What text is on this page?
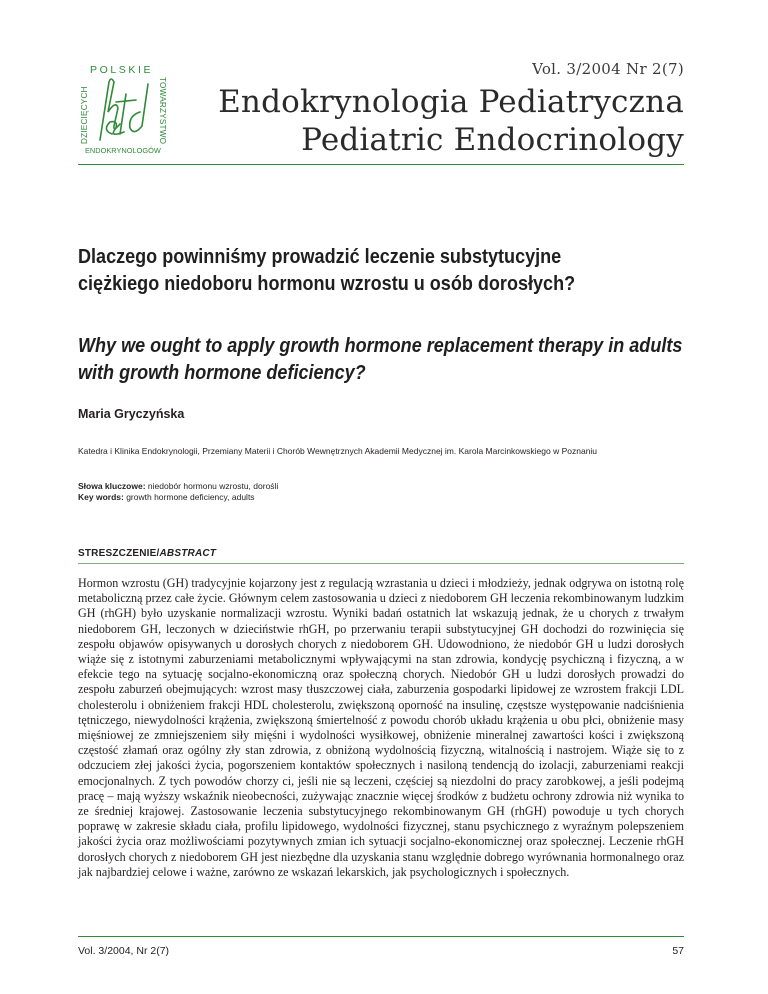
POLSKIE
DZIECIĘCYCH	TOWARZYSTWO
ENDOKRYNOLOGÓW
Vol. 3/2004 Nr 2(7)
Endokrynologia Pediatryczna
Pediatric Endocrinology
Dlaczego powinniśmy prowadzić leczenie substytucyjne ciężkiego niedoboru hormonu wzrostu u osób dorosłych?
Why we ought to apply growth hormone replacement therapy in adults with growth hormone deficiency?
Maria Gryczyńska
Katedra i Klinika Endokrynologii, Przemiany Materii i Chorób Wewnętrznych Akademii Medycznej im. Karola Marcinkowskiego w Poznaniu
Słowa kluczowe: niedobór hormonu wzrostu, dorośli
Key words: growth hormone deficiency, adults
STRESZCZENIE/ABSTRACT
Hormon wzrostu (GH) tradycyjnie kojarzony jest z regulacją wzrastania u dzieci i młodzieży, jednak odgrywa on istotną rolę metaboliczną przez całe życie. Głównym celem zastosowania u dzieci z niedoborem GH leczenia rekombinowanym ludzkim GH (rhGH) było uzyskanie normalizacji wzrostu. Wyniki badań ostatnich lat wskazują jednak, że u chorych z trwałym niedoborem GH, leczonych w dzieciństwie rhGH, po przerwaniu terapii substytucyjnej GH dochodzi do rozwinięcia się zespołu objawów opisywanych u dorosłych chorych z niedoborem GH. Udowodniono, że niedobór GH u ludzi dorosłych wiąże się z istotnymi zaburzeniami metabolicznymi wpływającymi na stan zdrowia, kondycję psychiczną i fizyczną, a w efekcie tego na sytuację socjalno-ekonomiczną oraz społeczną chorych. Niedobór GH u ludzi dorosłych prowadzi do zespołu zaburzeń obejmujących: wzrost masy tłuszczowej ciała, zaburzenia gospodarki lipidowej ze wzrostem frakcji LDL cholesterolu i obniżeniem frakcji HDL cholesterolu, zwiększoną oporność na insulinę, częstsze występowanie nadciśnienia tętniczego, niewydolności krążenia, zwiększoną śmiertelność z powodu chorób układu krążenia u obu płci, obniżenie masy mięśniowej ze zmniejszeniem siły mięśni i wydolności wysiłkowej, obniżenie mineralnej zawartości kości i zwiększoną częstość złamań oraz ogólny zły stan zdrowia, z obniżoną wydolnością fizyczną, witalnością i nastrojem. Wiąże się to z odczuciem złej jakości życia, pogorszeniem kontaktów społecznych i nasiloną tendencją do izolacji, zaburzeniami reakcji emocjonalnych. Z tych powodów chorzy ci, jeśli nie są leczeni, częściej są niezdolni do pracy zarobkowej, a jeśli podejmą pracę – mają wyższy wskaźnik nieobecności, zużywając znacznie więcej środków z budżetu ochrony zdrowia niż wynika to ze średniej krajowej. Zastosowanie leczenia substytucyjnego rekombinowanym GH (rhGH) powoduje u tych chorych poprawę w zakresie składu ciała, profilu lipidowego, wydolności fizycznej, stanu psychicznego z wyraźnym polepszeniem jakości życia oraz możliwościami pozytywnych zmian ich sytuacji socjalno-ekonomicznej oraz społecznej. Leczenie rhGH dorosłych chorych z niedoborem GH jest niezbędne dla uzyskania stanu względnie dobrego wyrównania hormonalnego oraz jak najbardziej celowe i ważne, zarówno ze wskazań lekarskich, jak psychologicznych i społecznych.
Vol. 3/2004, Nr 2(7)	57
